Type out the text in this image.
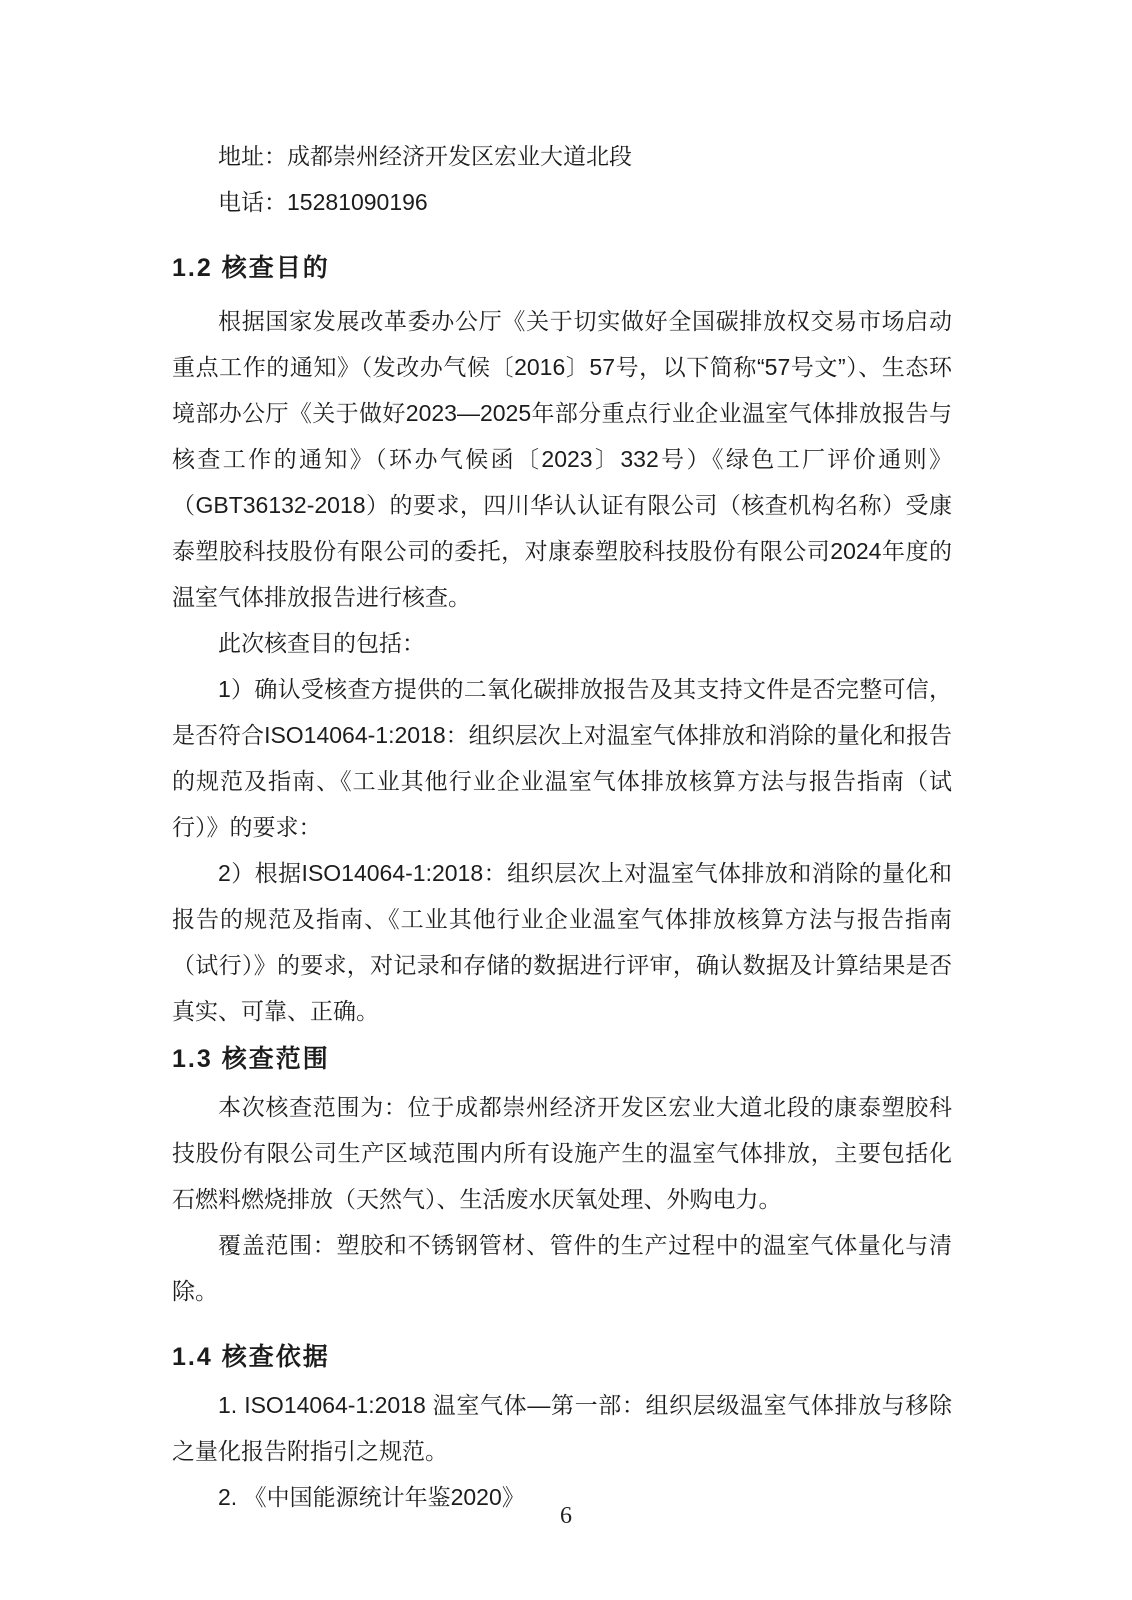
地址：成都崇州经济开发区宏业大道北段

电话：15281090196

1.2 核查目的

根据国家发展改革委办公厅《关于切实做好全国碳排放权交易市场启动重点工作的通知》（发改办气候〔2016〕57号，以下简称“57号文”）、生态环境部办公厅《关于做好2023—2025年部分重点行业企业温室气体排放报告与核查工作的通知》（环办气候函〔2023〕332号）《绿色工厂评价通则》（GBT36132-2018）的要求，四川华认认证有限公司（核查机构名称）受康泰塑胶科技股份有限公司的委托，对康泰塑胶科技股份有限公司2024年度的温室气体排放报告进行核查。

此次核查目的包括：

1）确认受核查方提供的二氧化碳排放报告及其支持文件是否完整可信，是否符合ISO14064-1:2018：组织层次上对温室气体排放和消除的量化和报告的规范及指南、《工业其他行业企业温室气体排放核算方法与报告指南（试行）》的要求：

2）根据ISO14064-1:2018：组织层次上对温室气体排放和消除的量化和报告的规范及指南、《工业其他行业企业温室气体排放核算方法与报告指南（试行）》的要求，对记录和存储的数据进行评审，确认数据及计算结果是否真实、可靠、正确。

1.3 核查范围

本次核查范围为：位于成都崇州经济开发区宏业大道北段的康泰塑胶科技股份有限公司生产区域范围内所有设施产生的温室气体排放，主要包括化石燃料燃烧排放（天然气）、生活废水厌氧处理、外购电力。

覆盖范围：塑胶和不锈钢管材、管件的生产过程中的温室气体量化与清除。

1.4 核查依据

1. ISO14064-1:2018 温室气体—第一部：组织层级温室气体排放与移除之量化报告附指引之规范。

2. 《中国能源统计年鉴2020》

6
